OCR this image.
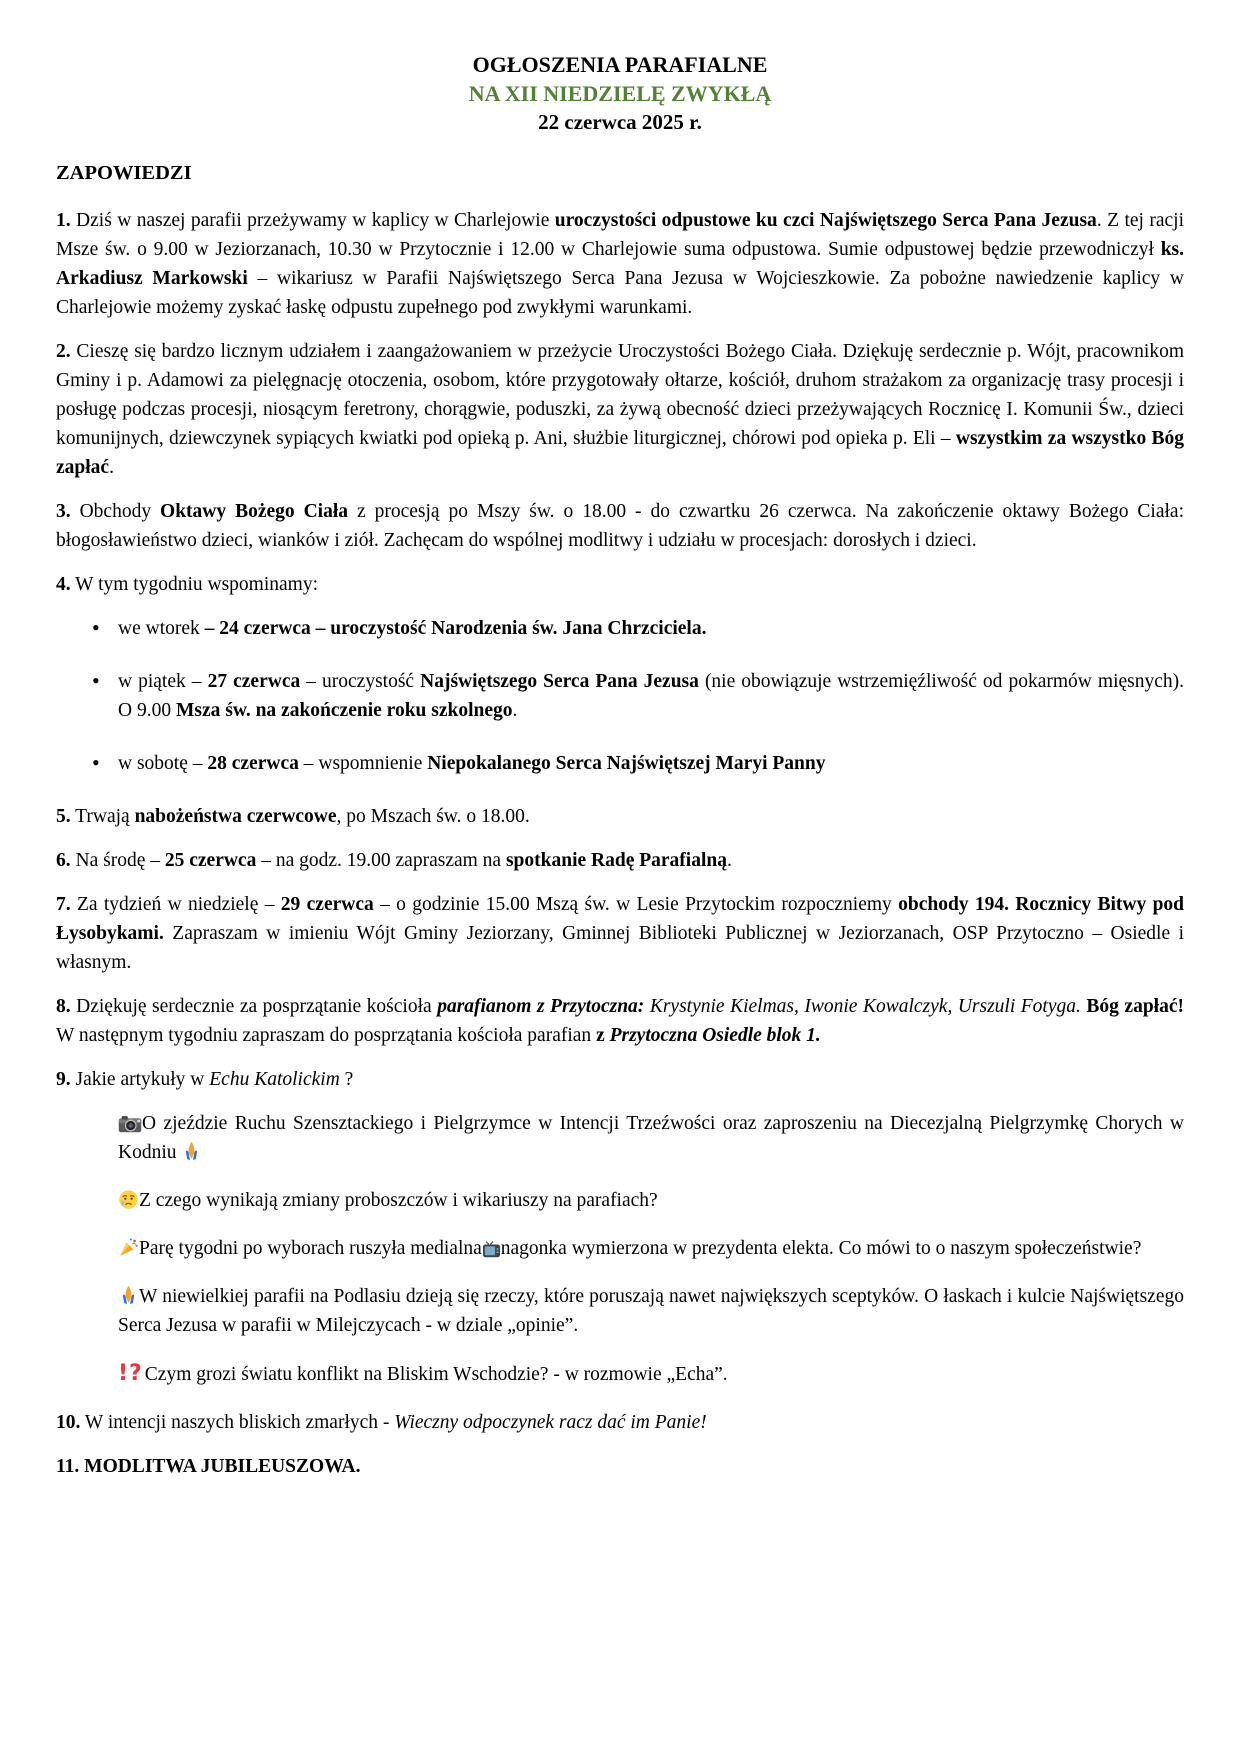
OGŁOSZENIA PARAFIALNE
NA XII NIEDZIELĘ ZWYKŁĄ
22 czerwca 2025 r.
ZAPOWIEDZI
1. Dziś w naszej parafii przeżywamy w kaplicy w Charlejowie uroczystości odpustowe ku czci Najświętszego Serca Pana Jezusa. Z tej racji Msze św. o 9.00 w Jeziorzanach, 10.30 w Przytocznie i 12.00 w Charlejowie suma odpustowa. Sumie odpustowej będzie przewodniczył ks. Arkadiusz Markowski – wikariusz w Parafii Najświętszego Serca Pana Jezusa w Wojcieszkowie. Za pobożne nawiedzenie kaplicy w Charlejowie możemy zyskać łaskę odpustu zupełnego pod zwykłymi warunkami.
2. Cieszę się bardzo licznym udziałem i zaangażowaniem w przeżycie Uroczystości Bożego Ciała. Dziękuję serdecznie p. Wójt, pracownikom Gminy i p. Adamowi za pielęgnację otoczenia, osobom, które przygotowały ołtarze, kościół, druhom strażakom za organizację trasy procesji i posługę podczas procesji, niosącym feretrony, chorągwie, poduszki, za żywą obecność dzieci przeżywających Rocznicę I. Komunii Św., dzieci komunijnych, dziewczynek sypiących kwiatki pod opieką p. Ani, służbie liturgicznej, chórowi pod opieka p. Eli – wszystkim za wszystko Bóg zapłać.
3. Obchody Oktawy Bożego Ciała z procesją po Mszy św. o 18.00 - do czwartku 26 czerwca. Na zakończenie oktawy Bożego Ciała: błogosławieństwo dzieci, wianków i ziół. Zachęcam do wspólnej modlitwy i udziału w procesjach: dorosłych i dzieci.
4. W tym tygodniu wspominamy:
• we wtorek – 24 czerwca – uroczystość Narodzenia św. Jana Chrzciciela.
• w piątek – 27 czerwca – uroczystość Najświętszego Serca Pana Jezusa (nie obowiązuje wstrzemięźliwość od pokarmów mięsnych). O 9.00 Msza św. na zakończenie roku szkolnego.
• w sobotę – 28 czerwca – wspomnienie Niepokalanego Serca Najświętszej Maryi Panny
5. Trwają nabożeństwa czerwcowe, po Mszach św. o 18.00.
6. Na środę – 25 czerwca – na godz. 19.00 zapraszam na spotkanie Radę Parafialną.
7. Za tydzień w niedzielę – 29 czerwca – o godzinie 15.00 Mszą św. w Lesie Przytockim rozpoczniemy obchody 194. Rocznicy Bitwy pod Łysobykami. Zapraszam w imieniu Wójt Gminy Jeziorzany, Gminnej Biblioteki Publicznej w Jeziorzanach, OSP Przytoczno – Osiedle i własnym.
8. Dziękuję serdecznie za posprzątanie kościoła parafianom z Przytoczna: Krystynie Kielmas, Iwonie Kowalczyk, Urszuli Fotyga. Bóg zapłać! W następnym tygodniu zapraszam do posprzątania kościoła parafian z Przytoczna Osiedle blok 1.
9. Jakie artykuły w Echu Katolickim ?
O zjeździe Ruchu Szensztackiego i Pielgrzymce w Intencji Trzeźwości oraz zaproszeniu na Diecezjalną Pielgrzymkę Chorych w Kodniu
Z czego wynikają zmiany proboszczów i wikariuszy na parafiach?
Parę tygodni po wyborach ruszyła medialna nagonka wymierzona w prezydenta elekta. Co mówi to o naszym społeczeństwie?
W niewielkiej parafii na Podlasiu dzieją się rzeczy, które poruszają nawet największych sceptyków. O łaskach i kulcie Najświętszego Serca Jezusa w parafii w Milejczycach - w dziale „opinie”.
!? Czym grozi światu konflikt na Bliskim Wschodzie? - w rozmowie „Echa”.
10. W intencji naszych bliskich zmarłych - Wieczny odpoczynek racz dać im Panie!
11. MODLITWA JUBILEUSZOWA.
